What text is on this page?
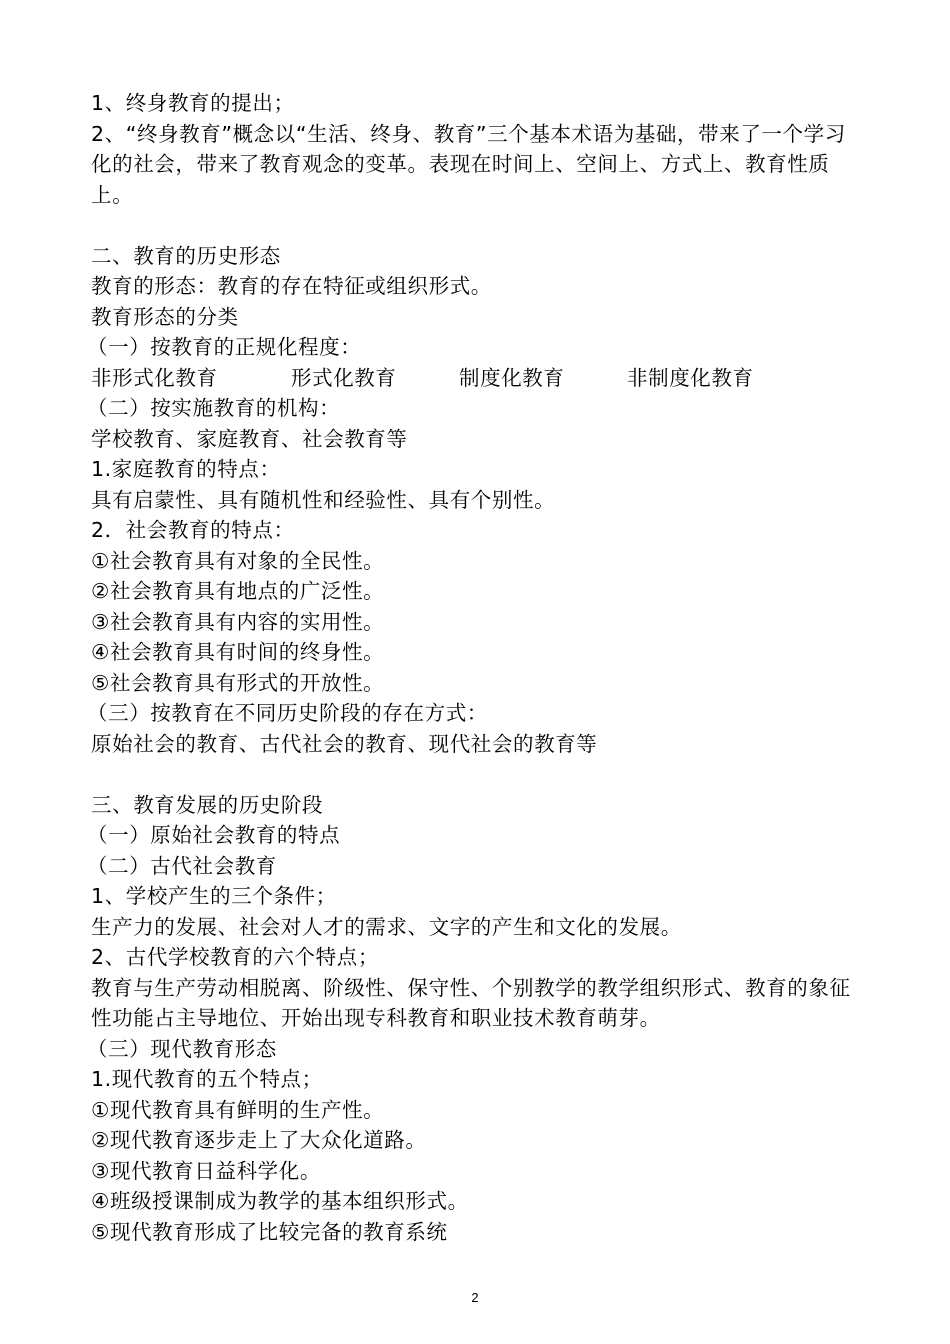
1、终身教育的提出；
2、“终身教育”概念以“生活、终身、教育”三个基本术语为基础，带来了一个学习化的社会，带来了教育观念的变革。表现在时间上、空间上、方式上、教育性质上。
二、教育的历史形态
教育的形态：教育的存在特征或组织形式。
教育形态的分类
（一）按教育的正规化程度：
非形式化教育	形式化教育	制度化教育	非制度化教育
（二）按实施教育的机构：
学校教育、家庭教育、社会教育等
1.家庭教育的特点：
具有启蒙性、具有随机性和经验性、具有个别性。
2．社会教育的特点：
①社会教育具有对象的全民性。
②社会教育具有地点的广泛性。
③社会教育具有内容的实用性。
④社会教育具有时间的终身性。
⑤社会教育具有形式的开放性。
（三）按教育在不同历史阶段的存在方式：
原始社会的教育、古代社会的教育、现代社会的教育等
三、教育发展的历史阶段
（一）原始社会教育的特点
（二）古代社会教育
1、学校产生的三个条件；
生产力的发展、社会对人才的需求、文字的产生和文化的发展。
2、古代学校教育的六个特点；
教育与生产劳动相脱离、阶级性、保守性、个别教学的教学组织形式、教育的象征性功能占主导地位、开始出现专科教育和职业技术教育萌芽。
（三）现代教育形态
1.现代教育的五个特点；
①现代教育具有鲜明的生产性。
②现代教育逐步走上了大众化道路。
③现代教育日益科学化。
④班级授课制成为教学的基本组织形式。
⑤现代教育形成了比较完备的教育系统
2
